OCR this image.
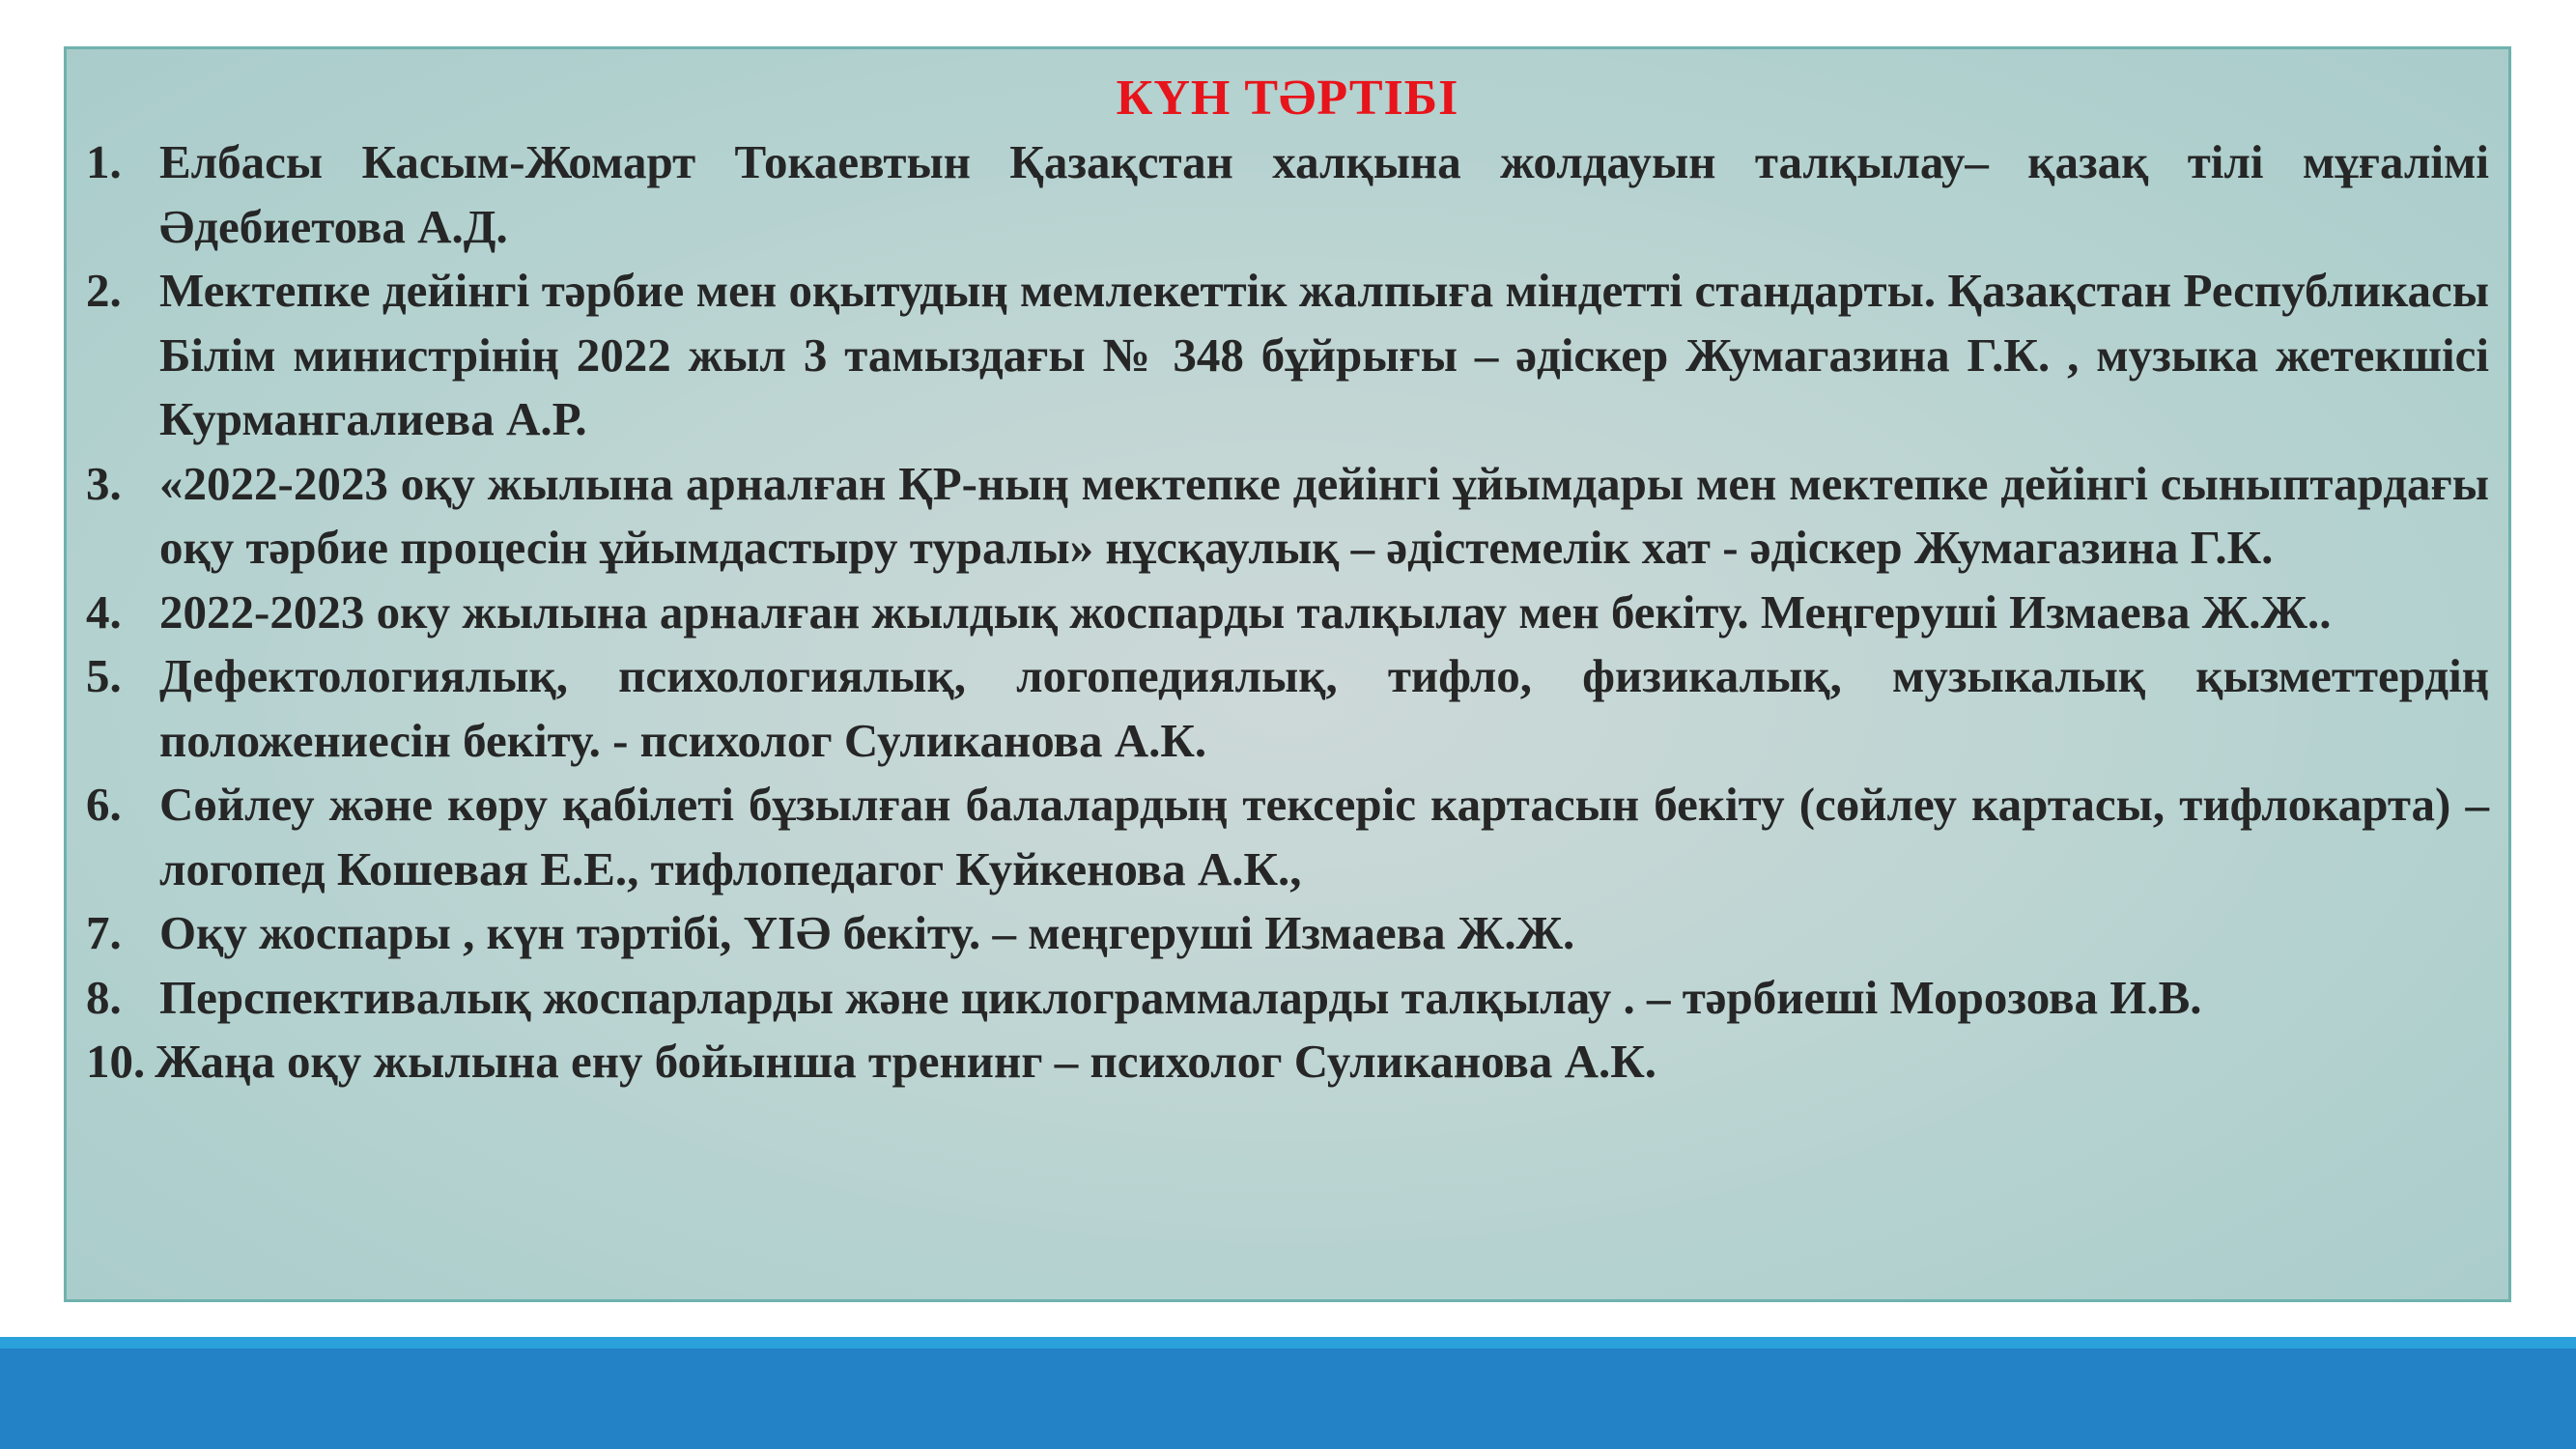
КҮН ТӘРТІБІ
1. Елбасы Касым-Жомарт Токаевтын Қазақстан халқына жолдауын талқылау– қазақ тілі мұғалімі Әдебиетова А.Д.
2. Мектепке дейінгі тәрбие мен оқытудың мемлекеттік жалпыға міндетті стандарты. Қазақстан Республикасы Білім министрінің 2022 жыл 3 тамыздағы № 348 бұйрығы – әдіскер Жумагазина Г.К. , музыка жетекшісі Курмангалиева А.Р.
3. «2022-2023 оқу жылына арналған ҚР-ның мектепке дейінгі ұйымдары мен мектепке дейінгі сыныптардағы оқу тәрбие процесін ұйымдастыру туралы» нұсқаулық – әдістемелік хат - әдіскер Жумагазина Г.К.
4. 2022-2023 оку жылына арналған жылдық жоспарды талқылау мен бекіту. Меңгеруші Измаева Ж.Ж..
5. Дефектологиялық, психологиялық, логопедиялық, тифло, физикалық, музыкалық қызметтердің положениесін бекіту. - психолог Суликанова А.К.
6. Сөйлеу және көру қабілеті бұзылған балалардың тексеріс картасын бекіту (сөйлеу картасы, тифлокарта) – логопед Кошевая Е.Е., тифлопедагог Куйкенова А.К.,
7. Оқу жоспары , күн тәртібі, ҮІӘ бекіту. – меңгеруші Измаева Ж.Ж.
8. Перспективалық жоспарларды және циклограммаларды талқылау . – тәрбиеші Морозова И.В.
10. Жаңа оқу жылына ену бойынша тренинг – психолог Суликанова А.К.
